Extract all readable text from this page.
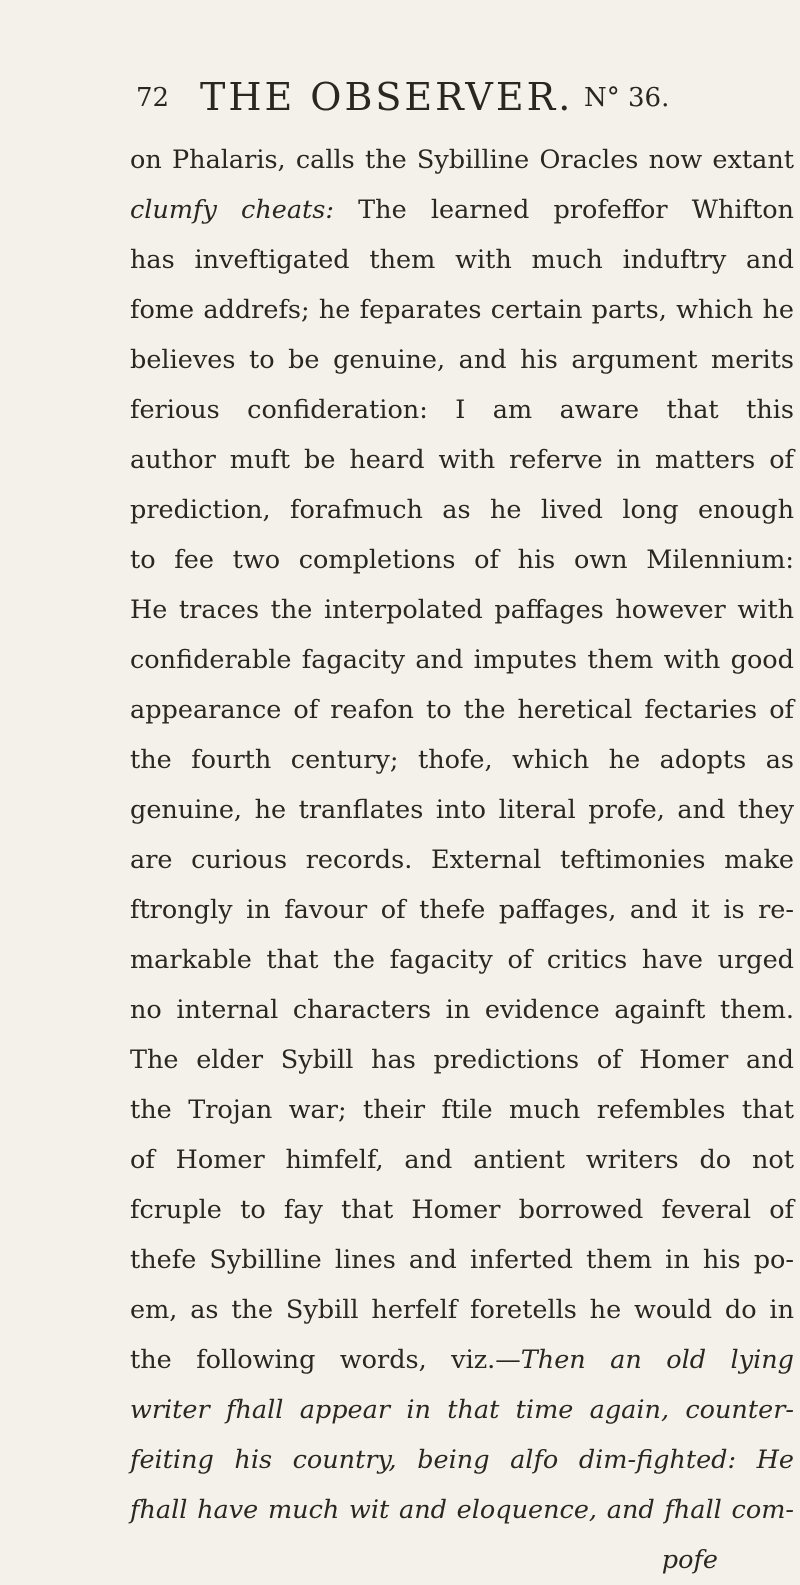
72 THE OBSERVER. N° 36.
on Phalaris, calls the Sybilline Oracles now extant
clumfy cheats: The learned profeffor Whifton
has inveftigated them with much induftry and
fome addrefs; he feparates certain parts, which he
believes to be genuine, and his argument merits
ferious confideration: I am aware that this
author muft be heard with referve in matters of
prediction, forafmuch as he lived long enough
to fee two completions of his own Milennium:
He traces the interpolated paffages however with
confiderable fagacity and imputes them with good
appearance of reafon to the heretical fectaries of
the fourth century; thofe, which he adopts as
genuine, he tranflates into literal profe, and they
are curious records. External teftimonies make
ftrongly in favour of thefe paffages, and it is re-
markable that the fagacity of critics have urged
no internal characters in evidence againft them.
The elder Sybill has predictions of Homer and
the Trojan war; their ftile much refembles that
of Homer himfelf, and antient writers do not
fcruple to fay that Homer borrowed feveral of
thefe Sybilline lines and inferted them in his po-
em, as the Sybill herfelf foretells he would do in
the following words, viz.—Then an old lying
writer fhall appear in that time again, counter-
feiting his country, being alfo dim-fighted: He
fhall have much wit and eloquence, and fhall com-
pofe
